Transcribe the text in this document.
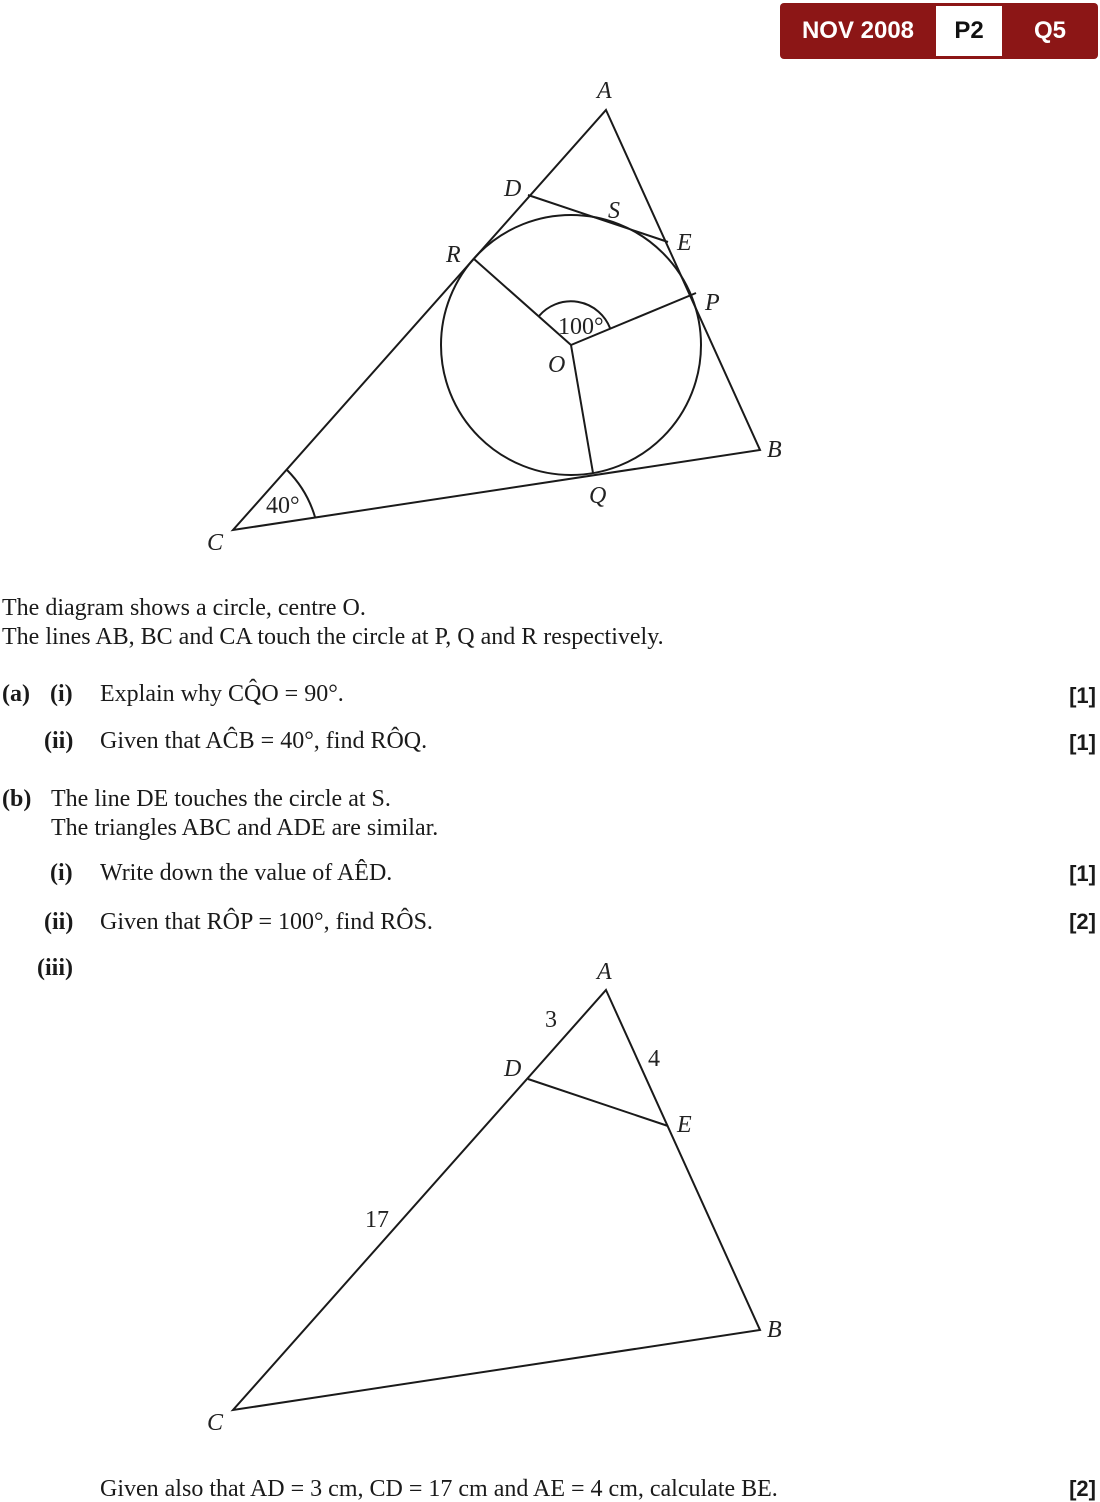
NOV 2008	P2	Q5
A
D
S
E
R
P
100°
O
B
Q
40°
C
The diagram shows a circle, centre O.
The lines AB, BC and CA touch the circle at P, Q and R respectively.
(a) (i) Explain why CQ̂O = 90°.	[1]
(ii) Given that AĈB = 40°, find RÔQ.	[1]
(b) The line DE touches the circle at S.
The triangles ABC and ADE are similar.
(i) Write down the value of AÊD.	[1]
(ii) Given that RÔP = 100°, find RÔS.	[2]
(iii)	A
3
4
D
E
17
B
C
Given also that AD = 3 cm, CD = 17 cm and AE = 4 cm, calculate BE.	[2]
